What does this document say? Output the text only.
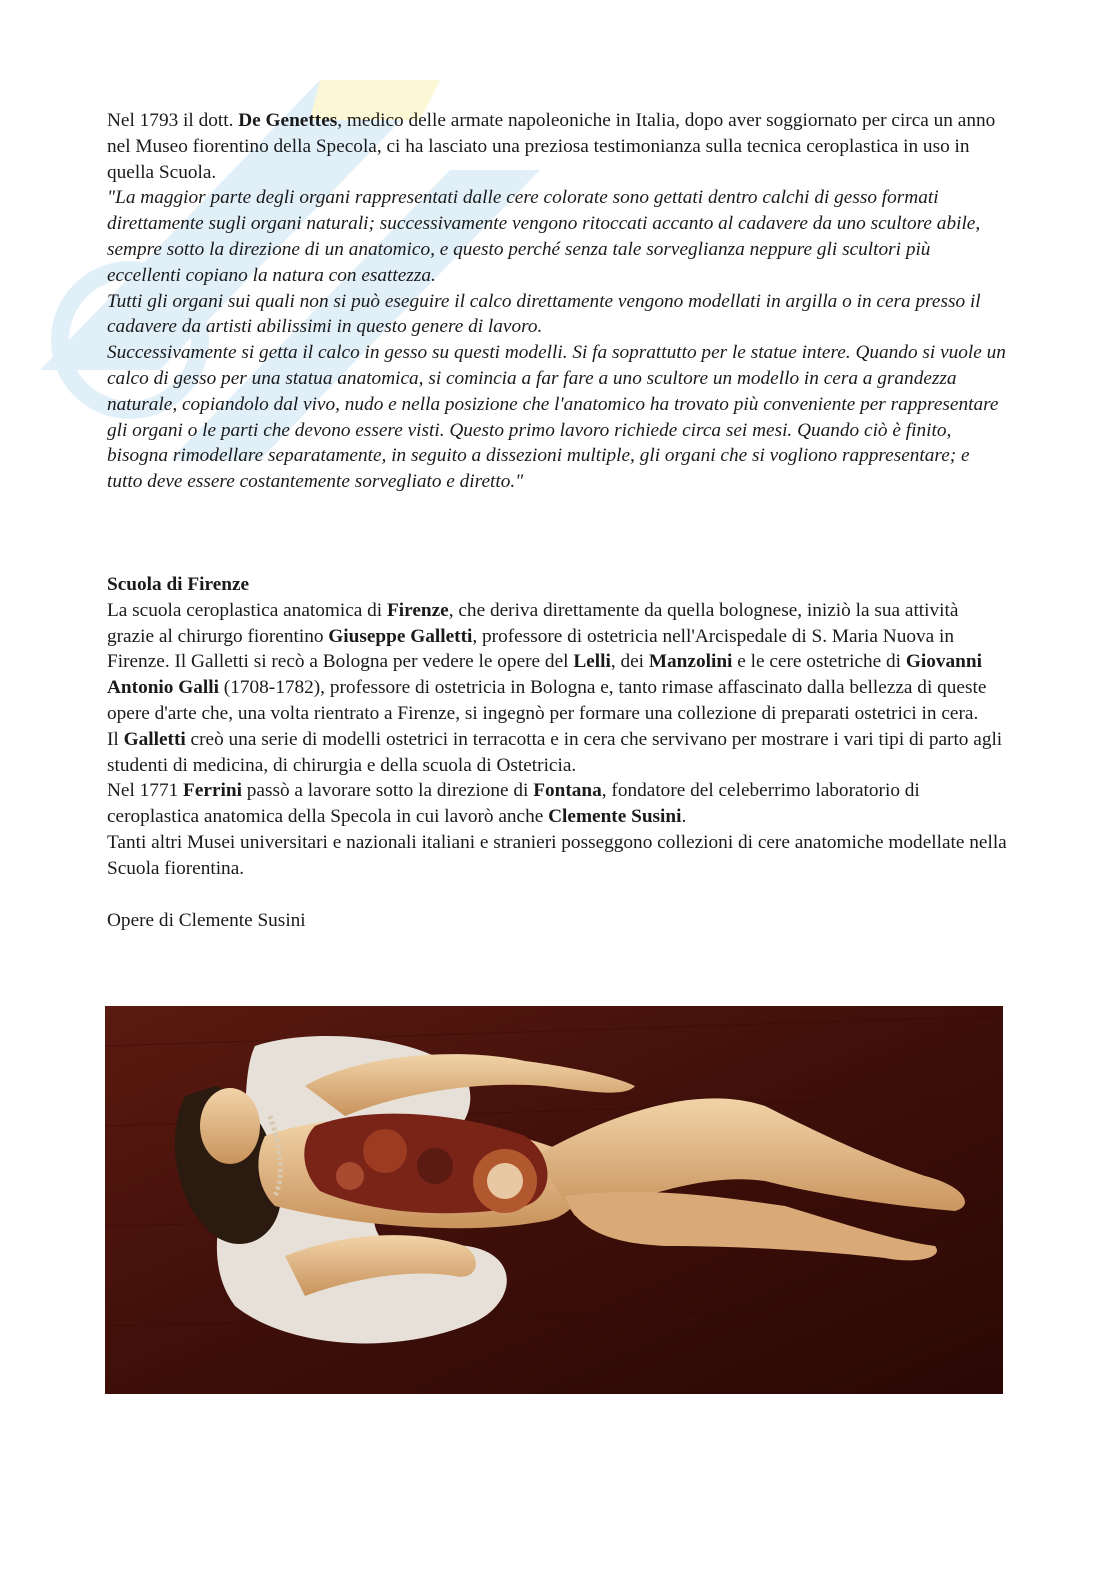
Nel 1793 il dott. De Genettes, medico delle armate napoleoniche in Italia, dopo aver soggiornato per circa un anno nel Museo fiorentino della Specola, ci ha lasciato una preziosa testimonianza sulla tecnica ceroplastica in uso in quella Scuola.

"La maggior parte degli organi rappresentati dalle cere colorate sono gettati dentro calchi di gesso formati direttamente sugli organi naturali; successivamente vengono ritoccati accanto al cadavere da uno scultore abile, sempre sotto la direzione di un anatomico, e questo perché senza tale sorveglianza neppure gli scultori più eccellenti copiano la natura con esattezza.

Tutti gli organi sui quali non si può eseguire il calco direttamente vengono modellati in argilla o in cera presso il cadavere da artisti abilissimi in questo genere di lavoro.

Successivamente si getta il calco in gesso su questi modelli. Si fa soprattutto per le statue intere. Quando si vuole un calco di gesso per una statua anatomica, si comincia a far fare a uno scultore un modello in cera a grandezza naturale, copiandolo dal vivo, nudo e nella posizione che l'anatomico ha trovato più conveniente per rappresentare gli organi o le parti che devono essere visti. Questo primo lavoro richiede circa sei mesi. Quando ciò è finito, bisogna rimodellare separatamente, in seguito a dissezioni multiple, gli organi che si vogliono rappresentare; e tutto deve essere costantemente sorvegliato e diretto."

Scuola di Firenze

La scuola ceroplastica anatomica di Firenze, che deriva direttamente da quella bolognese, iniziò la sua attività grazie al chirurgo fiorentino Giuseppe Galletti, professore di ostetricia nell'Arcispedale di S. Maria Nuova in Firenze. Il Galletti si recò a Bologna per vedere le opere del Lelli, dei Manzolini e le cere ostetriche di Giovanni Antonio Galli (1708-1782), professore di ostetricia in Bologna e, tanto rimase affascinato dalla bellezza di queste opere d'arte che, una volta rientrato a Firenze, si ingegnò per formare una collezione di preparati ostetrici in cera.

Il Galletti creò una serie di modelli ostetrici in terracotta e in cera che servivano per mostrare i vari tipi di parto agli studenti di medicina, di chirurgia e della scuola di Ostetricia.

Nel 1771 Ferrini passò a lavorare sotto la direzione di Fontana, fondatore del celeberrimo laboratorio di ceroplastica anatomica della Specola in cui lavorò anche Clemente Susini.

Tanti altri Musei universitari e nazionali italiani e stranieri posseggono collezioni di cere anatomiche modellate nella Scuola fiorentina.

Opere di Clemente Susini
